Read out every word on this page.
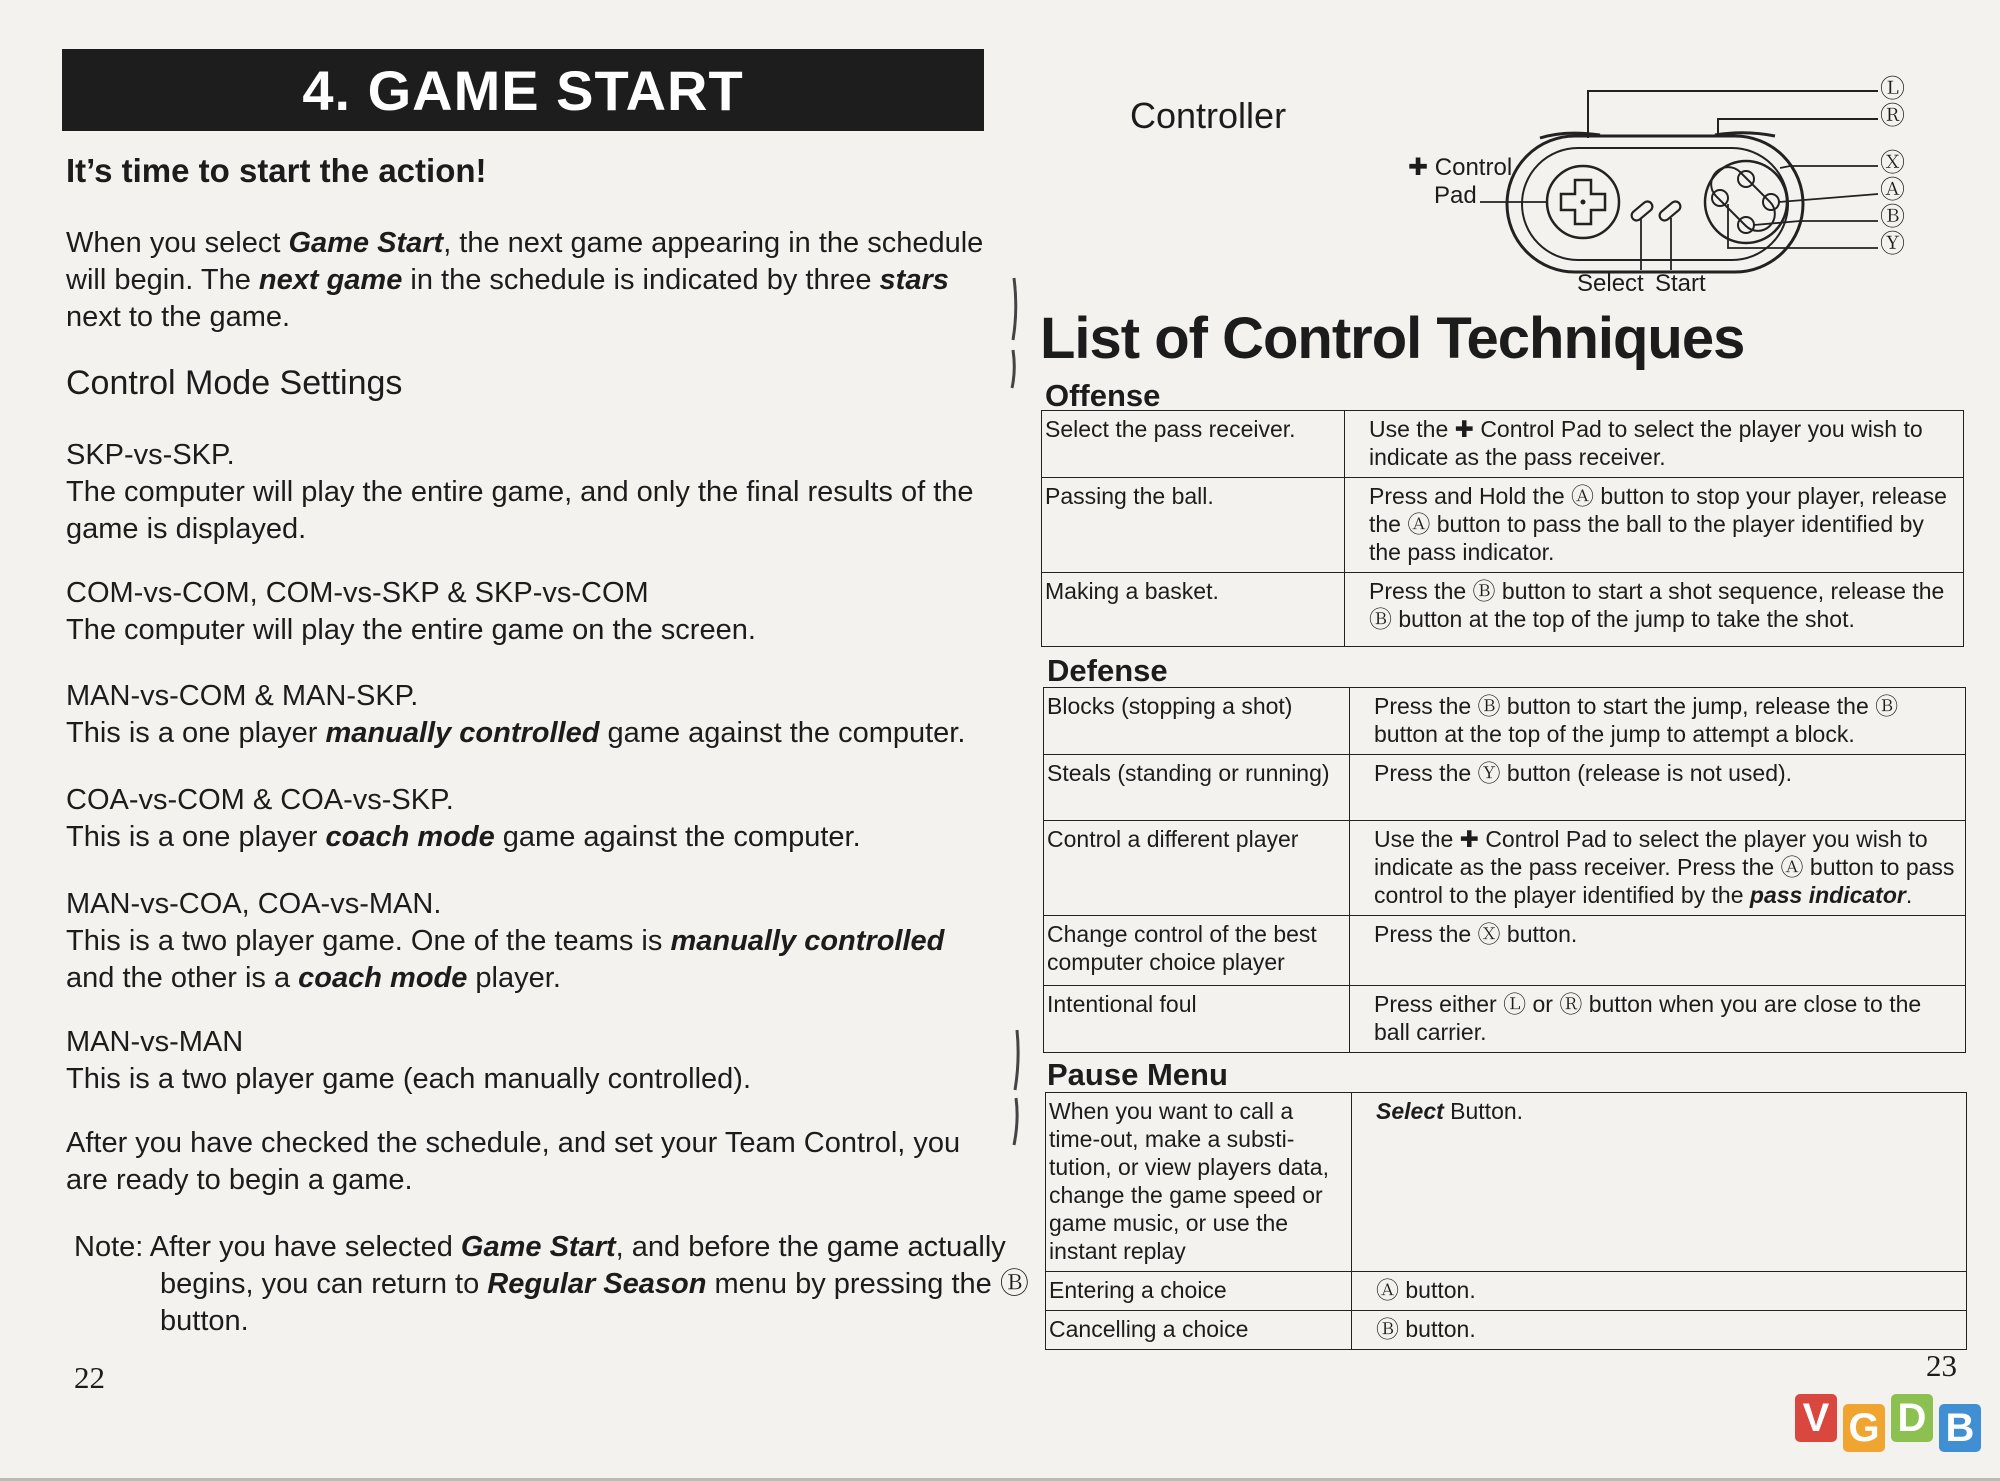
4. GAME START
It’s time to start the action!
When you select Game Start, the next game appearing in the schedule will begin. The next game in the schedule is indicated by three stars next to the game.
Control Mode Settings
SKP-vs-SKP.
The computer will play the entire game, and only the final results of the game is displayed.
COM-vs-COM, COM-vs-SKP & SKP-vs-COM
The computer will play the entire game on the screen.
MAN-vs-COM & MAN-SKP.
This is a one player manually controlled game against the computer.
COA-vs-COM & COA-vs-SKP.
This is a one player coach mode game against the computer.
MAN-vs-COA, COA-vs-MAN.
This is a two player game. One of the teams is manually controlled and the other is a coach mode player.
MAN-vs-MAN
This is a two player game (each manually controlled).
After you have checked the schedule, and set your Team Control, you are ready to begin a game.
Note: After you have selected Game Start, and before the game actually begins, you can return to Regular Season menu by pressing the Ⓑ button.
22
Controller
✚ Control
Pad
Select Start
Ⓛ
Ⓡ
Ⓧ
Ⓐ
Ⓑ
Ⓨ
List of Control Techniques
Offense
Select the pass receiver.	Use the ✚ Control Pad to select the player you wish to indicate as the pass receiver.
Passing the ball.	Press and Hold the Ⓐ button to stop your player, release the Ⓐ button to pass the ball to the player identified by the pass indicator.
Making a basket.	Press the Ⓑ button to start a shot sequence, release the Ⓑ button at the top of the jump to take the shot.
Defense
Blocks (stopping a shot)	Press the Ⓑ button to start the jump, release the Ⓑ button at the top of the jump to attempt a block.
Steals (standing or running)	Press the Ⓨ button (release is not used).
Control a different player	Use the ✚ Control Pad to select the player you wish to indicate as the pass receiver. Press the Ⓐ button to pass control to the player identified by the pass indicator.
Change control of the best computer choice player	Press the Ⓧ button.
Intentional foul	Press either Ⓛ or Ⓡ button when you are close to the ball carrier.
Pause Menu
When you want to call a time-out, make a substi-tution, or view players data, change the game speed or game music, or use the instant replay	Select Button.
Entering a choice	Ⓐ button.
Cancelling a choice	Ⓑ button.
23
V G D B
